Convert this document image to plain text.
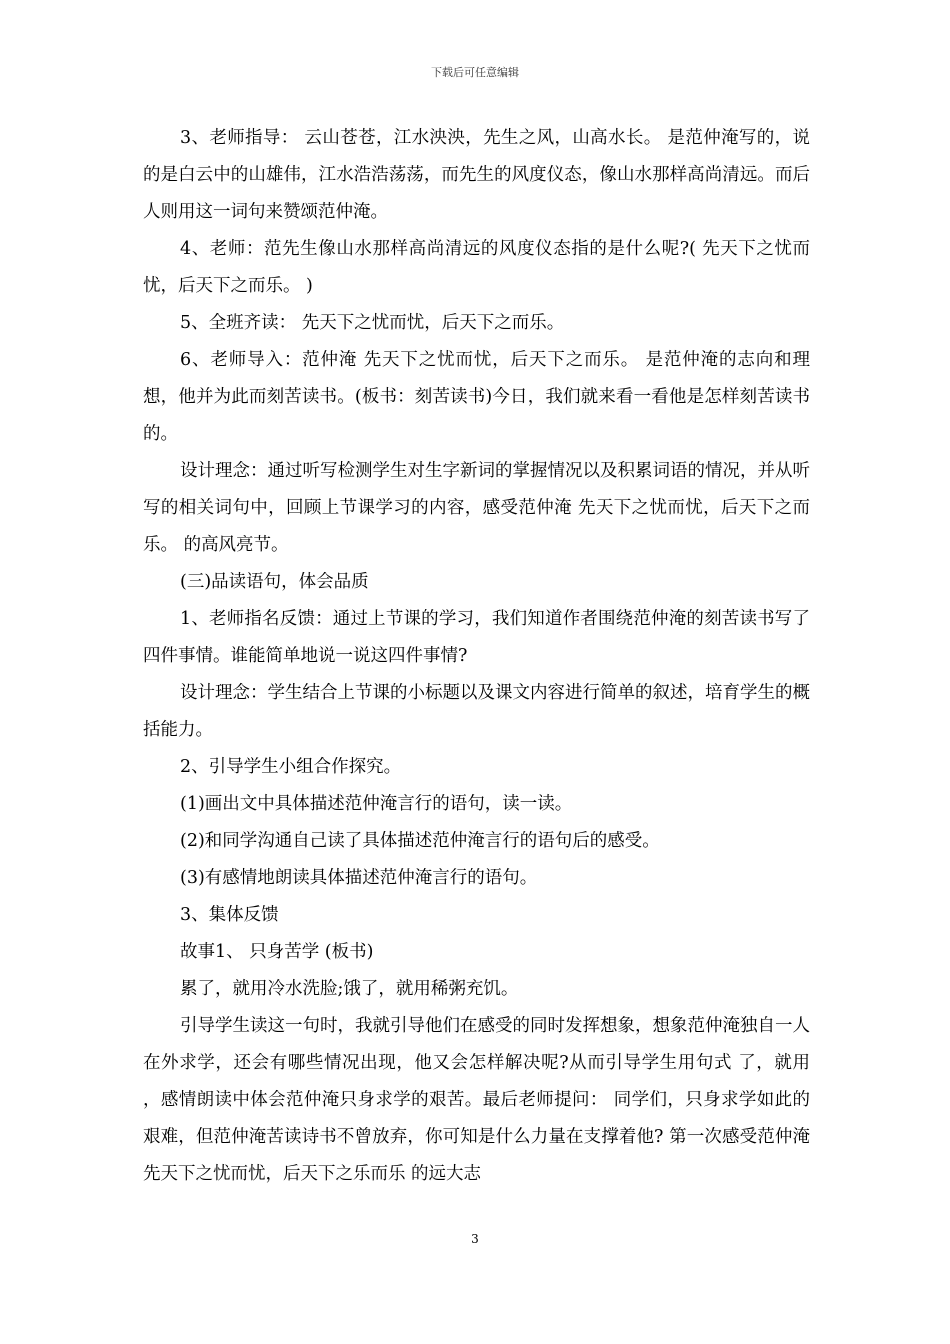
下载后可任意编辑

3、老师指导： 云山苍苍，江水泱泱，先生之风，山高水长。 是范仲淹写的，说的是白云中的山雄伟，江水浩浩荡荡，而先生的风度仪态，像山水那样高尚清远。而后人则用这一词句来赞颂范仲淹。

4、老师：范先生像山水那样高尚清远的风度仪态指的是什么呢?( 先天下之忧而忧，后天下之而乐。 )

5、全班齐读： 先天下之忧而忧，后天下之而乐。

6、老师导入：范仲淹 先天下之忧而忧，后天下之而乐。 是范仲淹的志向和理想，他并为此而刻苦读书。(板书：刻苦读书)今日，我们就来看一看他是怎样刻苦读书的。

设计理念：通过听写检测学生对生字新词的掌握情况以及积累词语的情况，并从听写的相关词句中，回顾上节课学习的内容，感受范仲淹 先天下之忧而忧，后天下之而乐。 的高风亮节。

(三)品读语句，体会品质

1、老师指名反馈：通过上节课的学习，我们知道作者围绕范仲淹的刻苦读书写了四件事情。谁能简单地说一说这四件事情?

设计理念：学生结合上节课的小标题以及课文内容进行简单的叙述，培育学生的概括能力。

2、引导学生小组合作探究。

(1)画出文中具体描述范仲淹言行的语句，读一读。

(2)和同学沟通自己读了具体描述范仲淹言行的语句后的感受。

(3)有感情地朗读具体描述范仲淹言行的语句。

3、集体反馈

故事1、 只身苦学 (板书)

累了，就用冷水洗脸;饿了，就用稀粥充饥。

引导学生读这一句时，我就引导他们在感受的同时发挥想象，想象范仲淹独自一人在外求学，还会有哪些情况出现，他又会怎样解决呢?从而引导学生用句式 了，就用 ，感情朗读中体会范仲淹只身求学的艰苦。最后老师提问： 同学们，只身求学如此的艰难，但范仲淹苦读诗书不曾放弃，你可知是什么力量在支撑着他? 第一次感受范仲淹 先天下之忧而忧，后天下之乐而乐 的远大志

3
